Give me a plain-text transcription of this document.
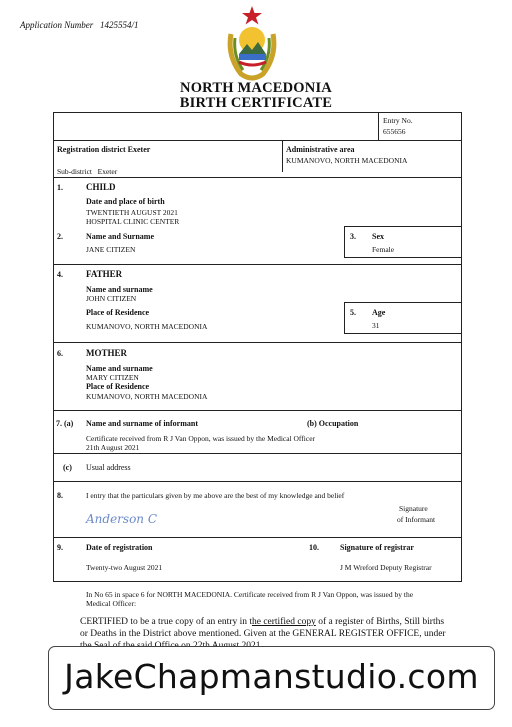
Application Number 1425554/1
NORTH MACEDONIA
BIRTH CERTIFICATE
Entry No.
655656
Registration district Exeter	Administrative area
KUMANOVO, NORTH MACEDONIA
Sub-district Exeter
1.	CHILD
Date and place of birth
TWENTIETH AUGUST 2021
HOSPITAL CLINIC CENTER
2.	Name and Surname
JANE CITIZEN
3. Sex
Female
4.	FATHER
Name and surname
JOHN CITIZEN
Place of Residence
KUMANOVO, NORTH MACEDONIA
5. Age
31
6.	MOTHER
Name and surname
MARY CITIZEN
Place of Residence
KUMANOVO, NORTH MACEDONIA
7. (a) Name and surname of informant	(b) Occupation
Certificate received from R J Van Oppon, was issued by the Medical Officer
21th August 2021
(c) Usual address
8.	I entry that the particulars given by me above are the best of my knowledge and belief
Anderson C
Signature
of Informant
9.	Date of registration
Twenty-two August 2021
10.	Signature of registrar
J M Wreford Deputy Registrar
In No 65 in space 6 for NORTH MACEDONIA. Certificate received from R J Van Oppon, was issued by the
Medical Officer:
CERTIFIED to be a true copy of an entry in the certified copy of a register of Births, Still births
or Deaths in the District above mentioned. Given at the GENERAL REGISTER OFFICE, under
JakeChapmanstudio.com
